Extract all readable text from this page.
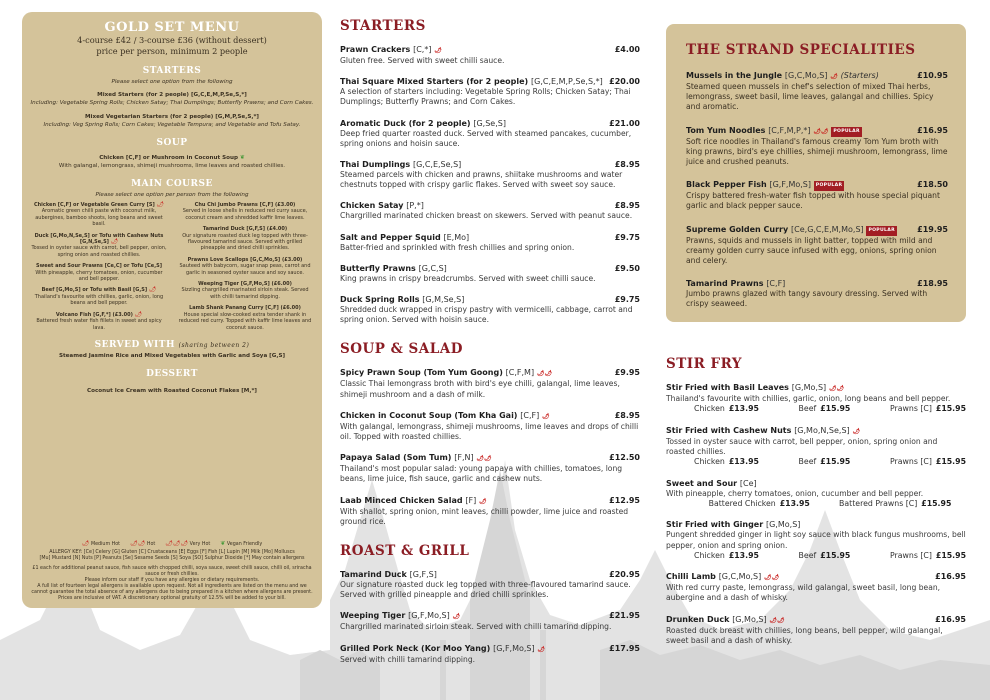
GOLD SET MENU
4-course £42 / 3-course £36 (without dessert)
price per person, minimum 2 people
STARTERS
Please select one option from the following
Mixed Starters (for 2 people) [G,C,E,M,P,Se,S,*]
Including: Vegetable Spring Rolls; Chicken Satay; Thai Dumplings; Butterfly Prawns; and Corn Cakes.
Mixed Vegetarian Starters (for 2 people) [G,M,P,Se,S,*]
Including: Veg Spring Rolls; Corn Cakes; Vegetable Tempura; and Vegetable and Tofu Satay.
SOUP
Chicken [C,F] or Mushroom in Coconut Soup ❦
With galangal, lemongrass, shimeji mushrooms, lime leaves and roasted chillies.
MAIN COURSE
Please select one option per person from the following
Chicken [C,F] or Vegetable Green Curry [S] 🌶
Aromatic green chilli paste with coconut milk, aubergines, bamboo shoots, long beans and sweet basil.
Duck [G,Mo,N,Se,S] or Tofu with Cashew Nuts [G,N,Se,S] 🌶
Tossed in oyster sauce with carrot, bell pepper, onion, spring onion and roasted chillies.
Sweet and Sour Prawns [Ce,C] or Tofu [Ce,S]
With pineapple, cherry tomatoes, onion, cucumber and bell pepper.
Beef [G,Mo,S] or Tofu with Basil [G,S] 🌶
Thailand's favourite with chillies, garlic, onion, long beans and bell pepper.
Volcano Fish [G,F,*] (£3.00) 🌶
Battered fresh water fish fillets in sweet and spicy lava.
Chu Chi Jumbo Prawns [C,F] (£3.00)
Served in loose shells in reduced red curry sauce, coconut cream and shredded kaffir lime leaves.
Tamarind Duck [G,F,S] (£4.00)
Our signature roasted duck leg topped with three-flavoured tamarind sauce. Served with grilled pineapple and dried chilli sprinkles.
Prawns Love Scallops [G,C,Mo,S] (£3.00)
Sauteed with babycorn, sugar snap peas, carrot and garlic in seasoned oyster sauce and soy sauce.
Weeping Tiger [G,F,Mo,S] (£6.00)
Sizzling chargrilled marinated sirloin steak. Served with chilli tamarind dipping.
Lamb Shank Panang Curry [C,F] (£6.00)
House special slow-cooked extra tender shank in reduced red curry. Topped with kaffir lime leaves and coconut sauce.
SERVED WITH (sharing between 2)
Steamed Jasmine Rice and Mixed Vegetables with Garlic and Soya [G,S]
DESSERT
Coconut Ice Cream with Roasted Coconut Flakes [M,*]
🌶 Medium Hot 🌶🌶 Hot 🌶🌶🌶 Very Hot ❦ Vegan Friendly
ALLERGY KEY: [Ce] Celery [G] Gluten [C] Crustaceans [E] Eggs [F] Fish [L] Lupin [M] Milk [Mo] Molluscs
[Mu] Mustard [N] Nuts [P] Peanuts [Se] Sesame Seeds [S] Soya [SO] Sulphur Dioxide [*] May contain allergens
£1 each for additional peanut sauce, fish sauce with chopped chilli, soya sauce, sweet chilli sauce, chilli oil, sriracha sauce or fresh chillies.
Please inform our staff if you have any allergies or dietary requirements.
A full list of fourteen legal allergens is available upon request. Not all ingredients are listed on the menu and we cannot guarantee the total absence of any allergens due to being prepared in a kitchen where allergens are present.
Prices are inclusive of VAT. A discretionary optional gratuity of 12.5% will be added to your bill.
STARTERS
Prawn Crackers [C,*] 🌶	£4.00
Gluten free. Served with sweet chilli sauce.
Thai Square Mixed Starters (for 2 people) [G,C,E,M,P,Se,S,*] £20.00
A selection of starters including: Vegetable Spring Rolls; Chicken Satay; Thai Dumplings; Butterfly Prawns; and Corn Cakes.
Aromatic Duck (for 2 people) [G,Se,S]	£21.00
Deep fried quarter roasted duck. Served with steamed pancakes, cucumber, spring onions and hoisin sauce.
Thai Dumplings [G,C,E,Se,S]	£8.95
Steamed parcels with chicken and prawns, shiitake mushrooms and water chestnuts topped with crispy garlic flakes. Served with sweet soy sauce.
Chicken Satay [P,*]	£8.95
Chargrilled marinated chicken breast on skewers. Served with peanut sauce.
Salt and Pepper Squid [E,Mo]	£9.75
Batter-fried and sprinkled with fresh chillies and spring onion.
Butterfly Prawns [G,C,S]	£9.50
King prawns in crispy breadcrumbs. Served with sweet chilli sauce.
Duck Spring Rolls [G,M,Se,S]	£9.75
Shredded duck wrapped in crispy pastry with vermicelli, cabbage, carrot and spring onion. Served with hoisin sauce.
SOUP & SALAD
Spicy Prawn Soup (Tom Yum Goong) [C,F,M] 🌶🌶	£9.95
Classic Thai lemongrass broth with bird's eye chilli, galangal, lime leaves, shimeji mushroom and a dash of milk.
Chicken in Coconut Soup (Tom Kha Gai) [C,F] 🌶	£8.95
With galangal, lemongrass, shimeji mushrooms, lime leaves and drops of chilli oil. Topped with roasted chillies.
Papaya Salad (Som Tum) [F,N] 🌶🌶	£12.50
Thailand's most popular salad: young papaya with chillies, tomatoes, long beans, lime juice, fish sauce, garlic and cashew nuts.
Laab Minced Chicken Salad [F] 🌶	£12.95
With shallot, spring onion, mint leaves, chilli powder, lime juice and roasted ground rice.
ROAST & GRILL
Tamarind Duck [G,F,S]	£20.95
Our signature roasted duck leg topped with three-flavoured tamarind sauce. Served with grilled pineapple and dried chilli sprinkles.
Weeping Tiger [G,F,Mo,S] 🌶	£21.95
Chargrilled marinated sirloin steak. Served with chilli tamarind dipping.
Grilled Pork Neck (Kor Moo Yang) [G,F,Mo,S] 🌶	£17.95
Served with chilli tamarind dipping.
THE STRAND SPECIALITIES
Mussels in the Jungle [G,C,Mo,S] 🌶 (Starters)	£10.95
Steamed queen mussels in chef's selection of mixed Thai herbs, lemongrass, sweet basil, lime leaves, galangal and chillies. Spicy and aromatic.
Tom Yum Noodles [C,F,M,P,*] 🌶🌶 POPULAR	£16.95
Soft rice noodles in Thailand's famous creamy Tom Yum broth with king prawns, bird's eye chillies, shimeji mushroom, lemongrass, lime juice and crushed peanuts.
Black Pepper Fish [G,F,Mo,S] POPULAR	£18.50
Crispy battered fresh-water fish topped with house special piquant garlic and black pepper sauce.
Supreme Golden Curry [Ce,G,C,E,M,Mo,S] POPULAR	£19.95
Prawns, squids and mussels in light batter, topped with mild and creamy golden curry sauce infused with egg, onions, spring onion and celery.
Tamarind Prawns [C,F]	£18.95
Jumbo prawns glazed with tangy savoury dressing. Served with crispy seaweed.
STIR FRY
Stir Fried with Basil Leaves [G,Mo,S] 🌶🌶
Thailand's favourite with chillies, garlic, onion, long beans and bell pepper.
Chicken £13.95	Beef £15.95	Prawns [C] £15.95
Stir Fried with Cashew Nuts [G,Mo,N,Se,S] 🌶
Tossed in oyster sauce with carrot, bell pepper, onion, spring onion and roasted chillies.
Chicken £13.95	Beef £15.95	Prawns [C] £15.95
Sweet and Sour [Ce]
With pineapple, cherry tomatoes, onion, cucumber and bell pepper.
Battered Chicken £13.95	Battered Prawns [C] £15.95
Stir Fried with Ginger [G,Mo,S]
Pungent shredded ginger in light soy sauce with black fungus mushrooms, bell pepper, onion and spring onion.
Chicken £13.95	Beef £15.95	Prawns [C] £15.95
Chilli Lamb [G,C,Mo,S] 🌶🌶	£16.95
With red curry paste, lemongrass, wild galangal, sweet basil, long bean, aubergine and a dash of whisky.
Drunken Duck [G,Mo,S] 🌶🌶	£16.95
Roasted duck breast with chillies, long beans, bell pepper, wild galangal, sweet basil and a dash of whisky.
